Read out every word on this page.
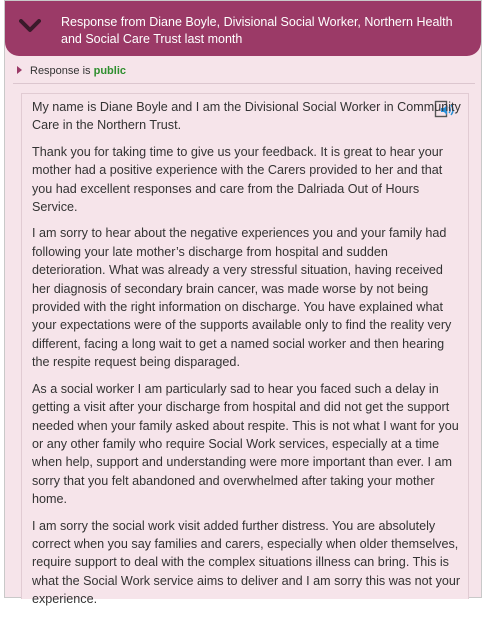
Response from Diane Boyle, Divisional Social Worker, Northern Health and Social Care Trust last month
Response is public

My name is Diane Boyle and I am the Divisional Social Worker in Community Care in the Northern Trust.

Thank you for taking time to give us your feedback. It is great to hear your mother had a positive experience with the Carers provided to her and that you had excellent responses and care from the Dalriada Out of Hours Service.

I am sorry to hear about the negative experiences you and your family had following your late mother’s discharge from hospital and sudden deterioration. What was already a very stressful situation, having received her diagnosis of secondary brain cancer, was made worse by not being provided with the right information on discharge. You have explained what your expectations were of the supports available only to find the reality very different, facing a long wait to get a named social worker and then hearing the respite request being disparaged.

As a social worker I am particularly sad to hear you faced such a delay in getting a visit after your discharge from hospital and did not get the support needed when your family asked about respite. This is not what I want for you or any other family who require Social Work services, especially at a time when help, support and understanding were more important than ever. I am sorry that you felt abandoned and overwhelmed after taking your mother home.

I am sorry the social work visit added further distress. You are absolutely correct when you say families and carers, especially when older themselves, require support to deal with the complex situations illness can bring. This is what the Social Work service aims to deliver and I am sorry this was not your experience.
